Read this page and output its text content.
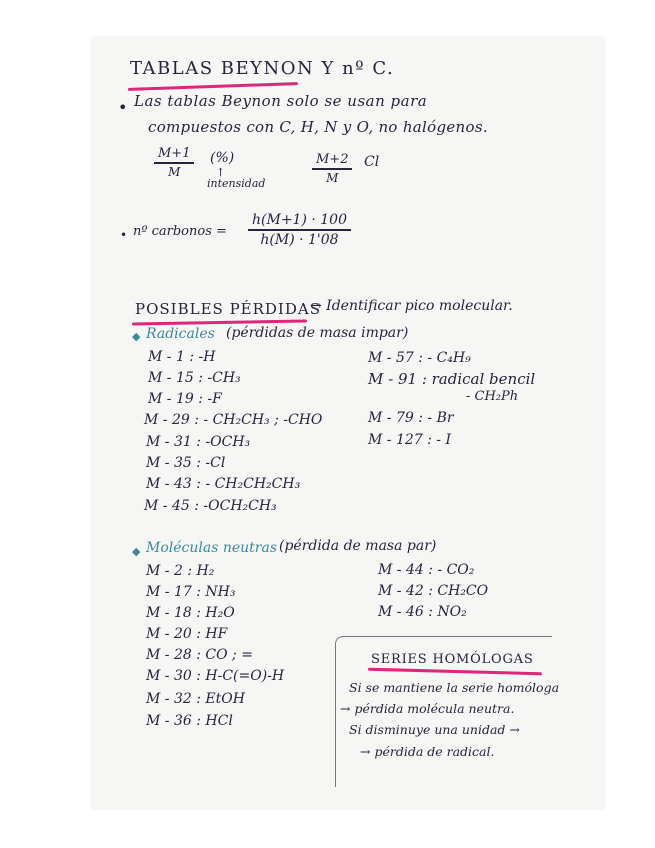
TABLAS BEYNON Y nº C.
• Las tablas Beynon solo se usan para
compuestos con C, H, N y O, no halógenos.
M+1
M
(%)
↑
intensidad
M+2
M
Cl
• nº carbonos =
h(M+1) · 100
h(M) · 1'08
POSIBLES PÉRDIDAS
→ Identificar pico molecular.
◆ Radicales (pérdidas de masa impar)
M - 1 : -H
M - 15 : -CH₃
M - 19 : -F
M - 29 : - CH₂CH₃ ; -CHO
M - 31 : -OCH₃
M - 35 : -Cl
M - 43 : - CH₂CH₂CH₃
M - 45 : -OCH₂CH₃
M - 57 : - C₄H₉
M - 91 : radical bencil
- CH₂Ph
M - 79 : - Br
M - 127 : - I
◆ Moléculas neutras (pérdida de masa par)
M - 2 : H₂
M - 17 : NH₃
M - 18 : H₂O
M - 20 : HF
M - 28 : CO ; =
M - 30 : H-C(=O)-H
M - 32 : EtOH
M - 36 : HCl
M - 44 : - CO₂
M - 42 : CH₂CO
M - 46 : NO₂
SERIES HOMÓLOGAS
Si se mantiene la serie homóloga
→ pérdida molécula neutra.
Si disminuye una unidad →
→ pérdida de radical.
